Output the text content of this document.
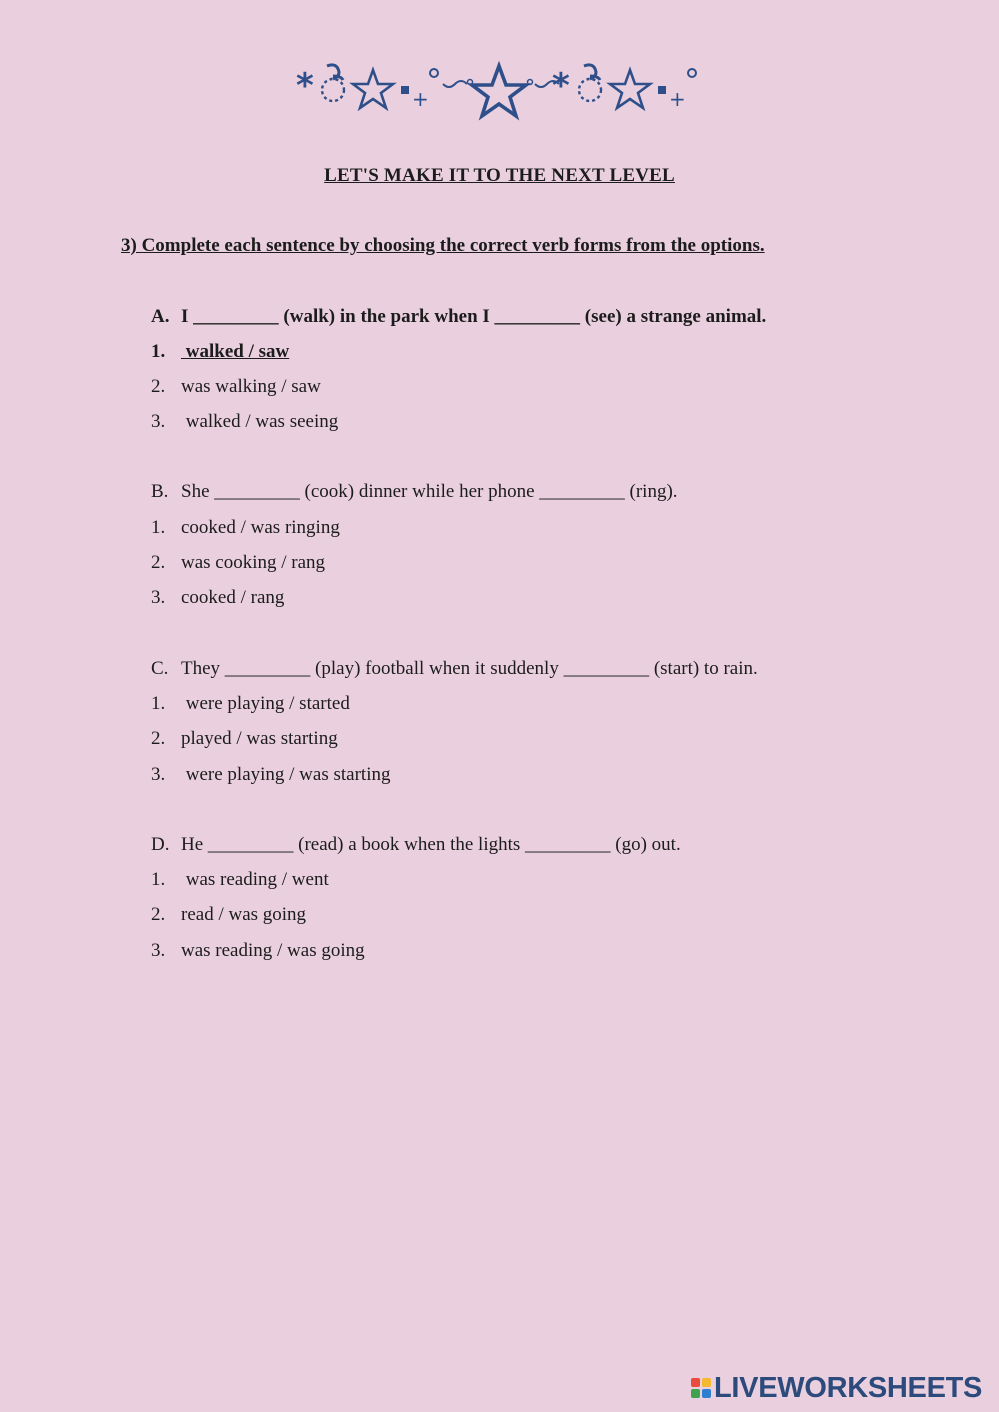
*	+	*	+
LET'S MAKE IT TO THE NEXT LEVEL
3) Complete each sentence by choosing the correct verb forms from the options.
A. I _________ (walk) in the park when I _________ (see) a strange animal.
1. walked / saw
2. was walking / saw
3. walked / was seeing
B. She _________ (cook) dinner while her phone _________ (ring).
1. cooked / was ringing
2. was cooking / rang
3. cooked / rang
C. They _________ (play) football when it suddenly _________ (start) to rain.
1. were playing / started
2. played / was starting
3. were playing / was starting
D. He _________ (read) a book when the lights _________ (go) out.
1. was reading / went
2. read / was going
3. was reading / was going
LIVEWORKSHEETS
